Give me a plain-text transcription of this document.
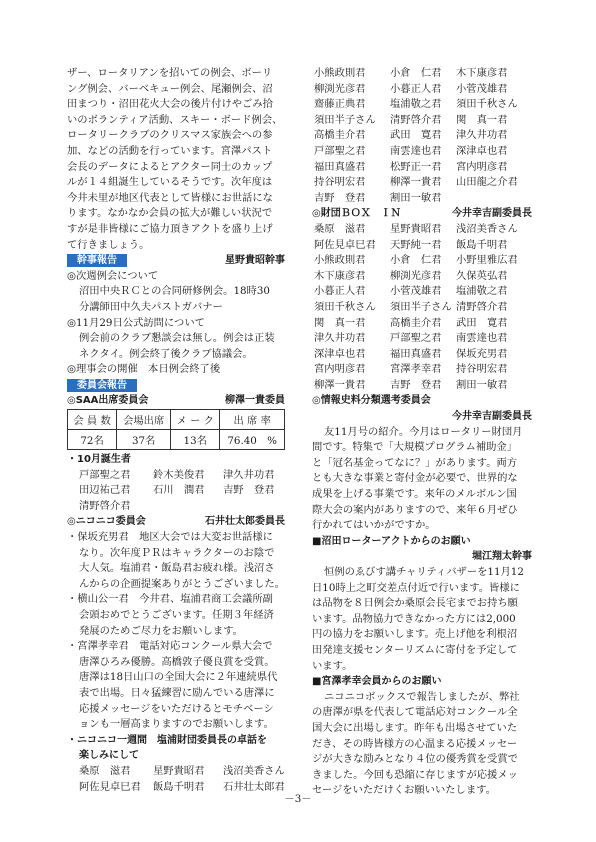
ザー、ロータリアンを招いての例会、ボーリ
ング例会、バーベキュー例会、尾瀬例会、沼
田まつり・沼田花火大会の後片付けやごみ拾
いのボランティア活動、スキー・ボード例会、
ロータリークラブのクリスマス家族会への参
加、などの活動を行っています。宮澤パスト
会長のデータによるとアクター同士のカップ
ルが１４組誕生しているそうです。次年度は
今井未里が地区代表として皆様にお世話にな
ります。なかなか会員の拡大が難しい状況で
すが是非皆様にご協力頂きアクトを盛り上げ
て行きましょう。
幹事報告	星野貴昭幹事
◎次週例会について
沼田中央ＲＣとの合同研修例会。18時30
分講師田中久夫パストガバナー
◎11月29日公式訪問について
例会前のクラブ懇談会は無し。例会は正装
ネクタイ。例会終了後クラブ協議会。
◎理事会の開催　本日例会終了後
委員会報告
◎SAA出席委員会	柳澤一貴委員
会 員 数	会場出席	メ ー ク	出 席 率
72名	37名	13名	76.40　%
・10月誕生者
戸部聖之君	鈴木美俊君	津久井功君
田辺祐己君	石川　潤君	吉野　登君
清野啓介君
◎ニコニコ委員会	石井壮太郎委員長
・保坂充男君　地区大会では大変お世話様に
なり。次年度ＰＲはキャラクターのお陰で
大人気。塩浦君・飯島君お疲れ様。浅沼さ
んからの企画提案ありがとうございました。
・横山公一君　今井君、塩浦君商工会議所副
会頭おめでとうございます。任期３年経済
発展のためご尽力をお願いします。
・宮澤孝幸君　電話対応コンクール県大会で
唐澤ひろみ優勝。高橋敦子優良賞を受賞。
唐澤は18日山口の全国大会に２年連続県代
表で出場。日々猛練習に励んでいる唐澤に
応援メッセージをいただけるとモチベーシ
ョンも一層高まりますのでお願いします。
・ニコニコ一週間　塩浦財団委員長の卓話を
楽しみにして
桑原　滋君	星野貴昭君	浅沼美香さん
阿佐見卓巳君	飯島千明君	石井壮太郎君
小熊政則君	小倉　仁君	木下康彦君
柳渕光彦君	小暮正人君	小菅茂雄君
齋藤正典君	塩浦敬之君	須田千秋さん
須田半子さん	清野啓介君	関　真一君
高橋圭介君	武田　寛君	津久井功君
戸部聖之君	南雲達也君	深津卓也君
福田真盛君	松野正一君	宮内明彦君
持谷明宏君	柳澤一貴君	山田龍之介君
吉野　登君	割田一敏君
◎財団ＢＯＸ　ＩＮ	今井幸吉副委員長
桑原　滋君	星野貴昭君	浅沼美香さん
阿佐見卓巳君	天野純一君	飯島千明君
小熊政則君	小倉　仁君	小野里雅広君
木下康彦君	柳渕光彦君	久保英弘君
小暮正人君	小菅茂雄君	塩浦敬之君
須田千秋さん	須田半子さん 清野啓介君
関　真一君	高橋圭介君	武田　寛君
津久井功君	戸部聖之君	南雲達也君
深津卓也君	福田真盛君	保坂充男君
宮内明彦君	宮澤孝幸君	持谷明宏君
柳澤一貴君	吉野　登君	割田一敏君
◎情報史料分類選考委員会
今井幸吉副委員長
友11月号の紹介。今月はロータリー財団月
間です。特集で「大規模プログラム補助金」
と「冠名基金ってなに？」があります。両方
とも大きな事業と寄付金が必要で、世界的な
成果を上げる事業です。来年のメルボルン国
際大会の案内がありますので、来年６月ぜひ
行かれてはいかがですか。
■沼田ローターアクトからのお願い
堀江翔太幹事
恒例のゑびす講チャリティバザーを11月12
日10時上之町交差点付近で行います。皆様に
は品物を８日例会か桑原会長宅までお持ち願
います。品物協力できなかった方には2,000
円の協力をお願いします。売上げ他を利根沼
田発達支援センターリズムに寄付を予定して
います。
■宮澤孝幸会員からのお願い
ニコニコボックスで報告しましたが、弊社
の唐澤が県を代表して電話応対コンクール全
国大会に出場します。昨年も出場させていた
だき、その時皆様方の心温まる応援メッセー
ジが大きな励みとなり４位の優秀賞を受賞で
きました。今回も恐縮に存じますが応援メッ
セージをいただけくお願いいたします。
－3－
